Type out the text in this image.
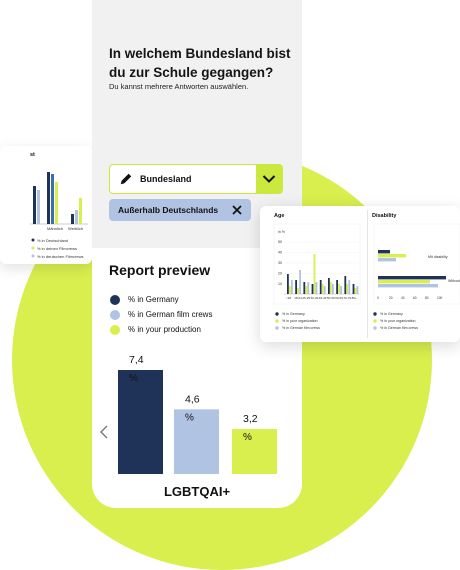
st
Männlich Weiblich
% in Deutschland
% in deinen Filmcrews
% in deutschen Filmcrews
In welchem Bundesland bist du zur Schule gegangen?
Du kannst mehrere Antworten auswählen.
Bundesland
Außerhalb Deutschlands
Report preview
% in Germany
% in German film crews
% in your production
7,4
%
4,6
%	3,2
%
LGBTQAI+
Age	Disability
in %
50
40
30
20
10
<18 18-24 25-29 30-39 40-49 50-59 60-69 70-79 80+
% in Germany
% in your organization
% in German film crews
Mit disability
Without
0	20	40	60	80	100
% in Germany
% in your organization
% in German film crews
